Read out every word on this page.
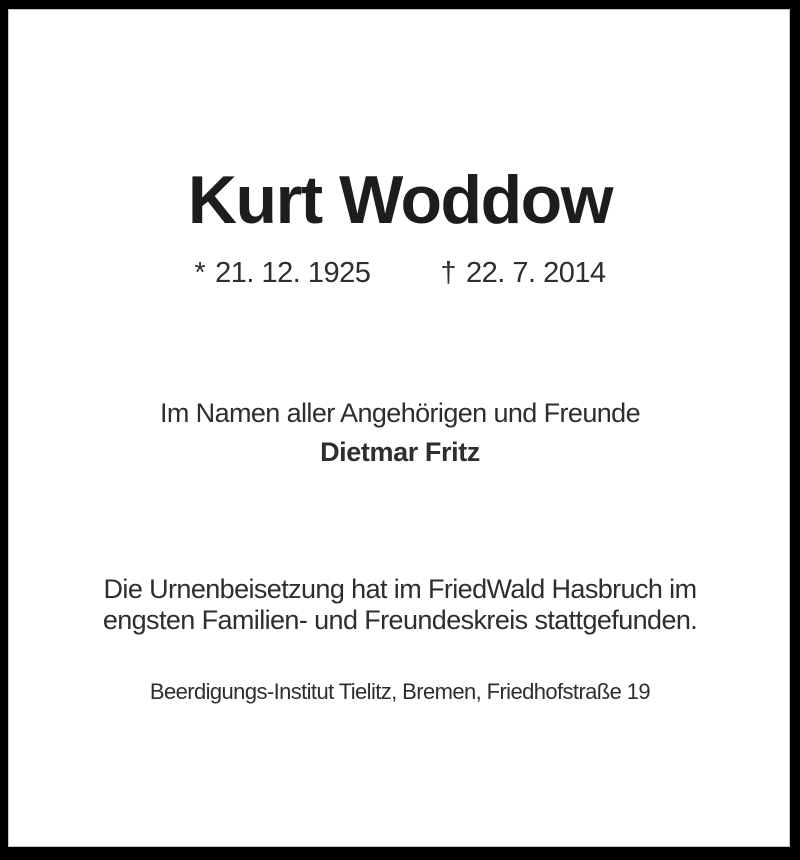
Kurt Woddow
* 21. 12. 1925 † 22. 7. 2014
Im Namen aller Angehörigen und Freunde
Dietmar Fritz
Die Urnenbeisetzung hat im FriedWald Hasbruch im
engsten Familien- und Freundeskreis stattgefunden.
Beerdigungs-Institut Tielitz, Bremen, Friedhofstraße 19
